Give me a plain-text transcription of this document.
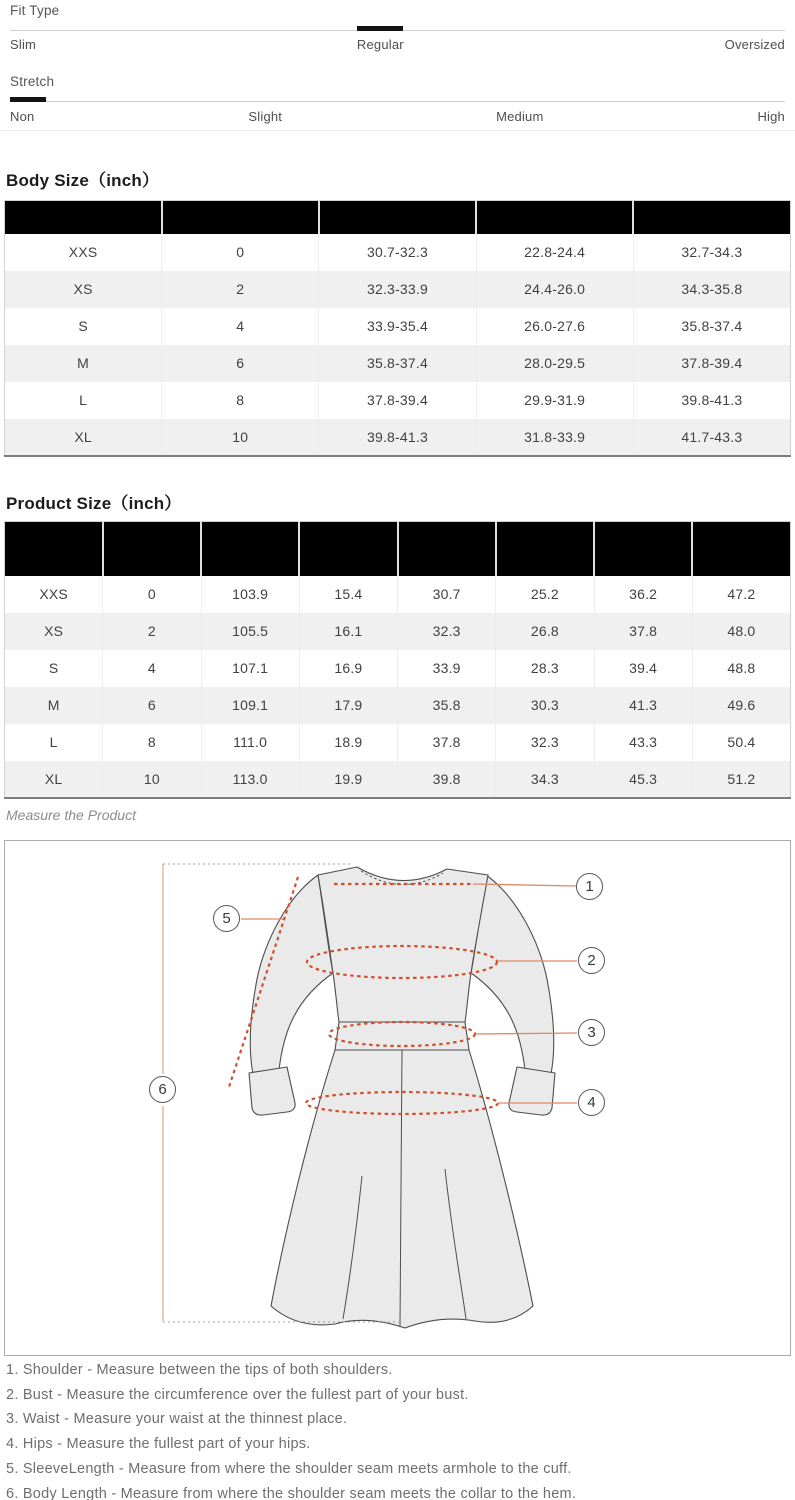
Fit Type
Slim	Regular	Oversized
Stretch
Non	Slight	Medium	High
Body Size（inch）

XXS	0	30.7-32.3	22.8-24.4	32.7-34.3
XS	2	32.3-33.9	24.4-26.0	34.3-35.8
S	4	33.9-35.4	26.0-27.6	35.8-37.4
M	6	35.8-37.4	28.0-29.5	37.8-39.4
L	8	37.8-39.4	29.9-31.9	39.8-41.3
XL	10	39.8-41.3	31.8-33.9	41.7-43.3
Product Size（inch）

XXS	0	103.9	15.4	30.7	25.2	36.2	47.2
XS	2	105.5	16.1	32.3	26.8	37.8	48.0
S	4	107.1	16.9	33.9	28.3	39.4	48.8
M	6	109.1	17.9	35.8	30.3	41.3	49.6
L	8	111.0	18.9	37.8	32.3	43.3	50.4
XL	10	113.0	19.9	39.8	34.3	45.3	51.2
Measure the Product
1
2
3
4
5
6
1. Shoulder - Measure between the tips of both shoulders.
2. Bust - Measure the circumference over the fullest part of your bust.
3. Waist - Measure your waist at the thinnest place.
4. Hips - Measure the fullest part of your hips.
5. SleeveLength - Measure from where the shoulder seam meets armhole to the cuff.
6. Body Length - Measure from where the shoulder seam meets the collar to the hem.
